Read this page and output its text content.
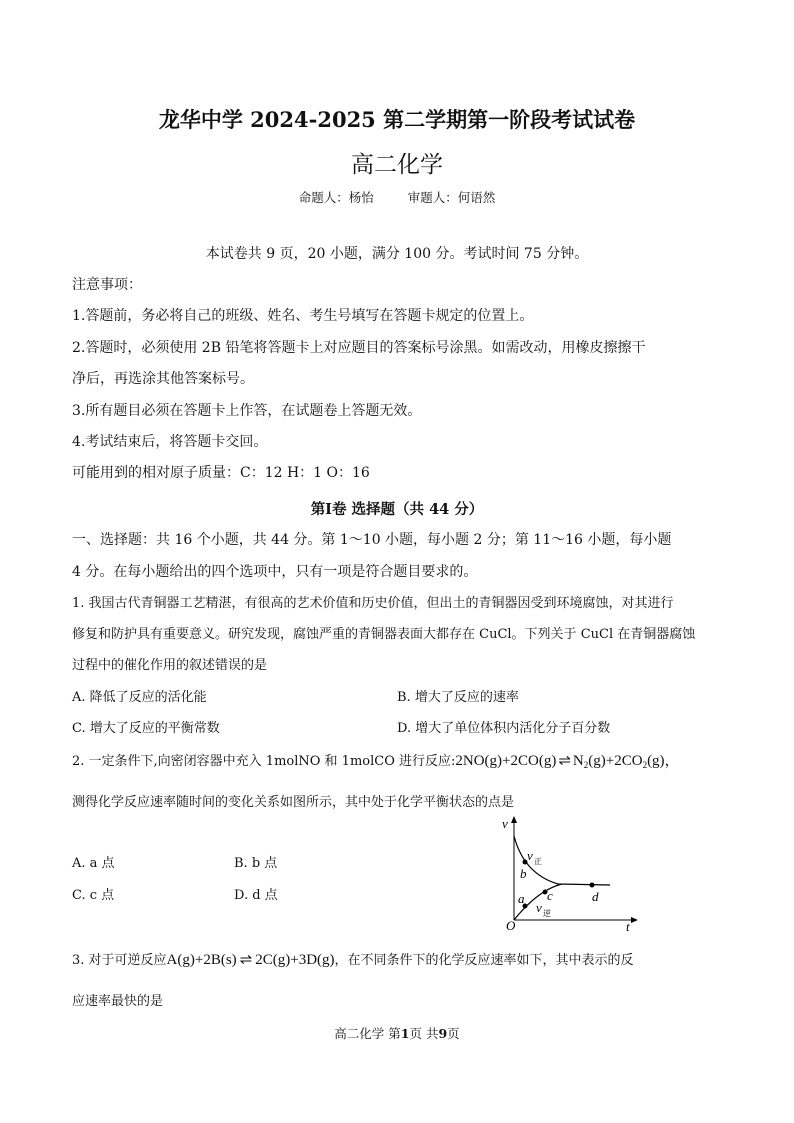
龙华中学 2024-2025 第二学期第一阶段考试试卷
高二化学
命题人：杨怡	审题人：何语然
本试卷共 9 页，20 小题，满分 100 分。考试时间 75 分钟。
注意事项：
1.答题前，务必将自己的班级、姓名、考生号填写在答题卡规定的位置上。
2.答题时，必须使用 2B 铅笔将答题卡上对应题目的答案标号涂黑。如需改动，用橡皮擦擦干
净后，再选涂其他答案标号。
3.所有题目必须在答题卡上作答，在试题卷上答题无效。
4.考试结束后，将答题卡交回。
可能用到的相对原子质量：C：12 H：1 O：16
第Ⅰ卷 选择题（共 44 分）
一、选择题：共 16 个小题，共 44 分。第 1～10 小题，每小题 2 分；第 11～16 小题，每小题
4 分。在每小题给出的四个选项中，只有一项是符合题目要求的。
1. 我国古代青铜器工艺精湛，有很高的艺术价值和历史价值，但出土的青铜器因受到环境腐蚀，对其进行
修复和防护具有重要意义。研究发现，腐蚀严重的青铜器表面大都存在 CuCl。下列关于 CuCl 在青铜器腐蚀
过程中的催化作用的叙述错误的是
A. 降低了反应的活化能	B. 增大了反应的速率
C. 增大了反应的平衡常数	D. 增大了单位体积内活化分子百分数
2. 一定条件下,向密闭容器中充入 1molNO 和 1molCO 进行反应:2NO(g)+2CO(g) ⇌ $N_2(g)+2CO_2(g)$，
测得化学反应速率随时间的变化关系如图所示，其中处于化学平衡状态的点是
A. a 点	B. b 点
C. c 点	D. d 点
v
t
O
v 正
v 逆
b
a c	d
3. 对于可逆反应A(g)+2B(s) ⇌ 2C(g)+3D(g)，在不同条件下的化学反应速率如下，其中表示的反
应速率最快的是
高二化学 第1页 共9页
